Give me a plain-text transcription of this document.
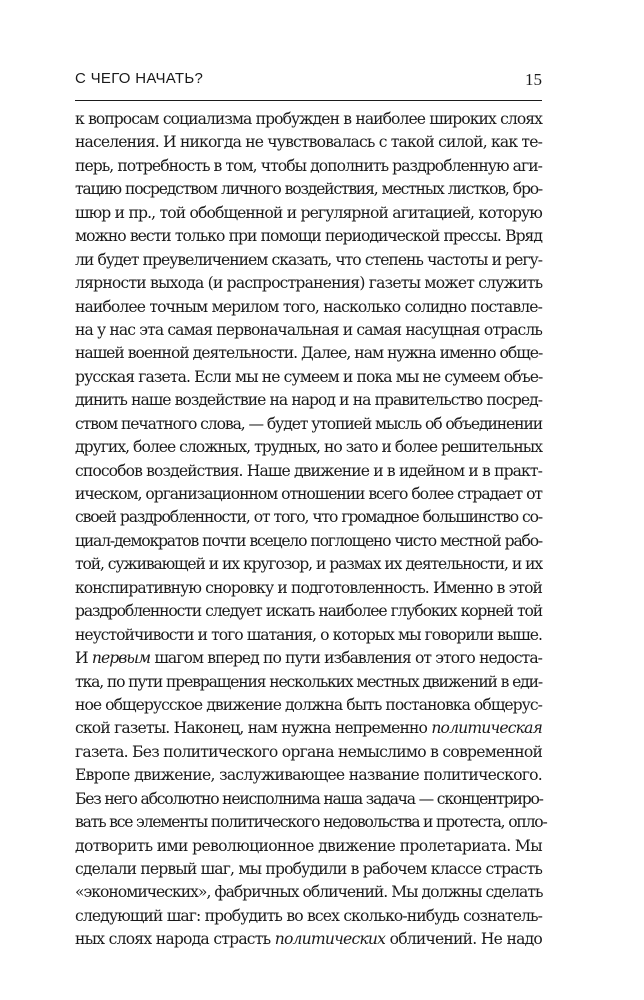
С ЧЕГО НАЧАТЬ?	15
к вопросам социализма пробужден в наиболее широких слоях
населения. И никогда не чувствовалась с такой силой, как те-
перь, потребность в том, чтобы дополнить раздробленную аги-
тацию посредством личного воздействия, местных листков, бро-
шюр и пр., той обобщенной и регулярной агитацией, которую
можно вести только при помощи периодической прессы. Вряд
ли будет преувеличением сказать, что степень частоты и регу-
лярности выхода (и распространения) газеты может служить
наиболее точным мерилом того, насколько солидно поставле-
на у нас эта самая первоначальная и самая насущная отрасль
нашей военной деятельности. Далее, нам нужна именно обще-
русская газета. Если мы не сумеем и пока мы не сумеем объе-
динить наше воздействие на народ и на правительство посред-
ством печатного слова, — будет утопией мысль об объединении
других, более сложных, трудных, но зато и более решительных
способов воздействия. Наше движение и в идейном и в практ-
ическом, организационном отношении всего более страдает от
своей раздробленности, от того, что громадное большинство со-
циал-демократов почти всецело поглощено чисто местной рабо-
той, суживающей и их кругозор, и размах их деятельности, и их
конспиративную сноровку и подготовленность. Именно в этой
раздробленности следует искать наиболее глубоких корней той
неустойчивости и того шатания, о которых мы говорили выше.
И первым шагом вперед по пути избавления от этого недоста-
тка, по пути превращения нескольких местных движений в еди-
ное общерусское движение должна быть постановка общерус-
ской газеты. Наконец, нам нужна непременно политическая
газета. Без политического органа немыслимо в современной
Европе движение, заслуживающее название политического.
Без него абсолютно неисполнима наша задача — сконцентриро-
вать все элементы политического недовольства и протеста, опло-
дотворить ими революционное движение пролетариата. Мы
сделали первый шаг, мы пробудили в рабочем классе страсть
«экономических», фабричных обличений. Мы должны сделать
следующий шаг: пробудить во всех сколько-нибудь сознатель-
ных слоях народа страсть политических обличений. Не надо
